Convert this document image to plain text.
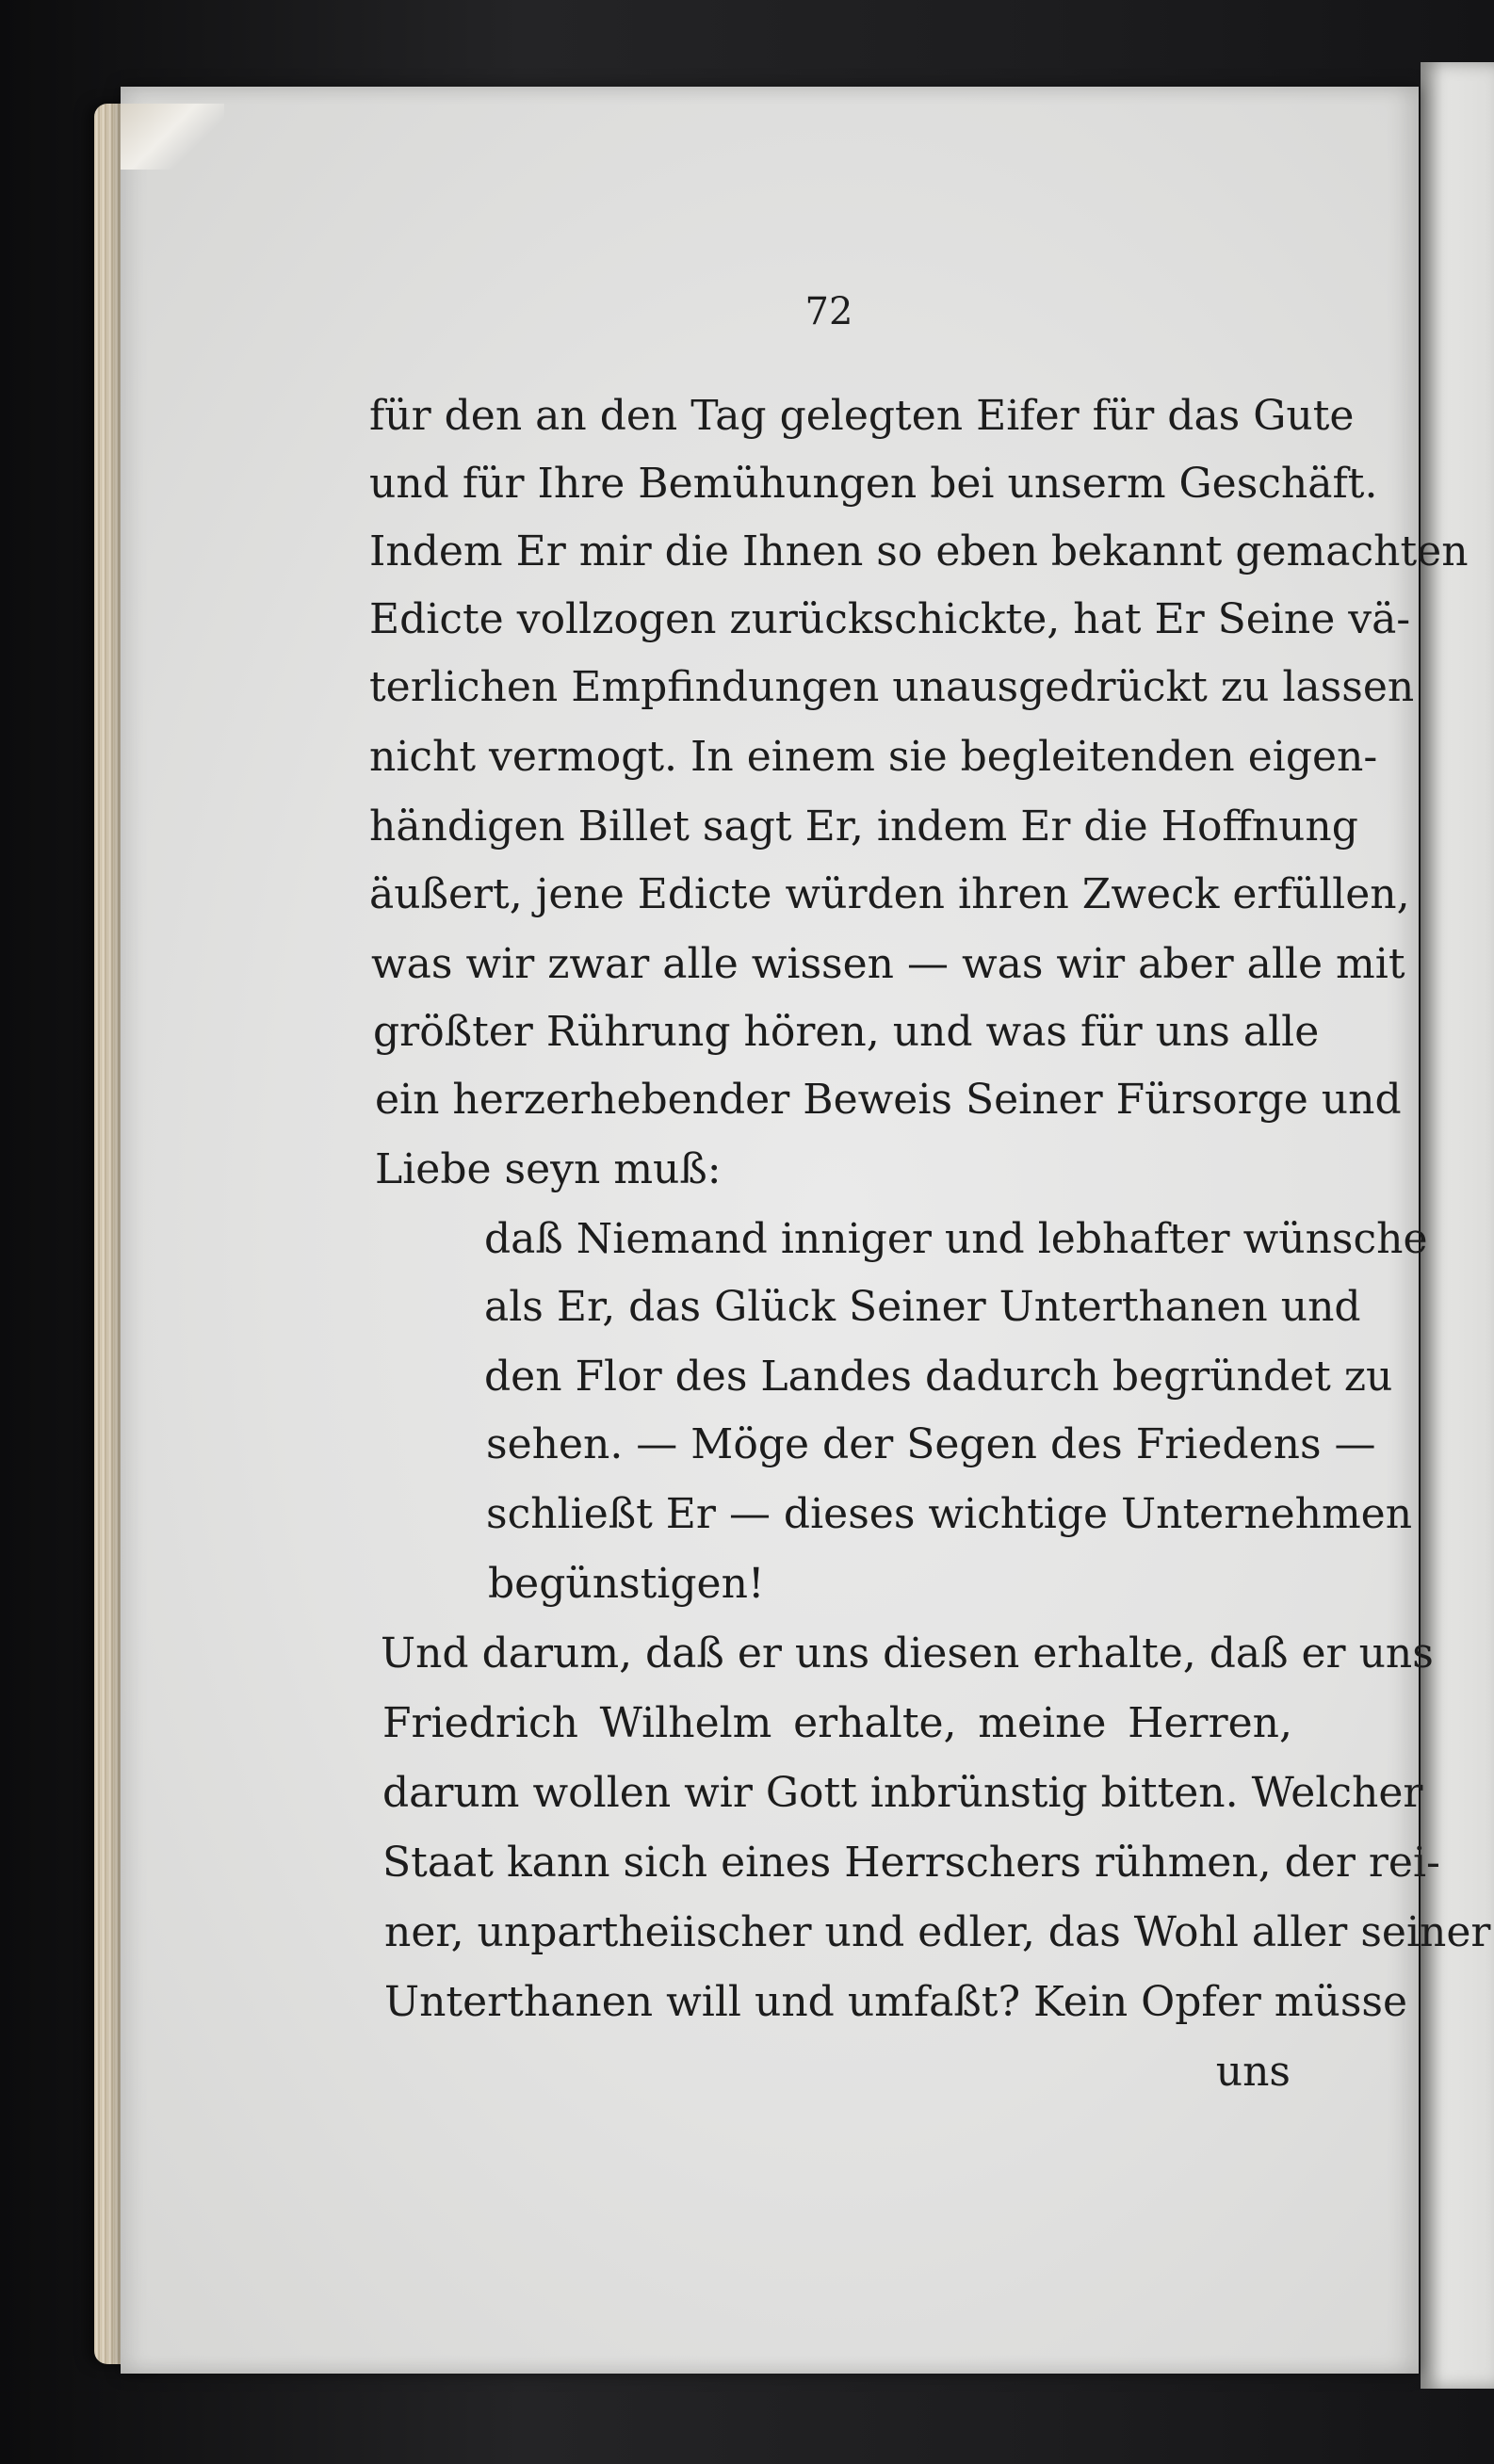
72
für den an den Tag gelegten Eifer für das Gute
und für Ihre Bemühungen bei unserm Geschäft.
Indem Er mir die Ihnen so eben bekannt gemachten
Edicte vollzogen zurückschickte, hat Er Seine vä-
terlichen Empfindungen unausgedrückt zu lassen
nicht vermogt. In einem sie begleitenden eigen-
händigen Billet sagt Er, indem Er die Hoffnung
äußert, jene Edicte würden ihren Zweck erfüllen,
was wir zwar alle wissen — was wir aber alle mit
größter Rührung hören, und was für uns alle
ein herzerhebender Beweis Seiner Fürsorge und
Liebe seyn muß:
daß Niemand inniger und lebhafter wünsche
als Er, das Glück Seiner Unterthanen und
den Flor des Landes dadurch begründet zu
sehen. — Möge der Segen des Friedens —
schließt Er — dieses wichtige Unternehmen
begünstigen!
Und darum, daß er uns diesen erhalte, daß er uns
Friedrich Wilhelm erhalte, meine Herren,
darum wollen wir Gott inbrünstig bitten. Welcher
Staat kann sich eines Herrschers rühmen, der rei-
ner, unpartheiischer und edler, das Wohl aller seiner
Unterthanen will und umfaßt? Kein Opfer müsse
uns
